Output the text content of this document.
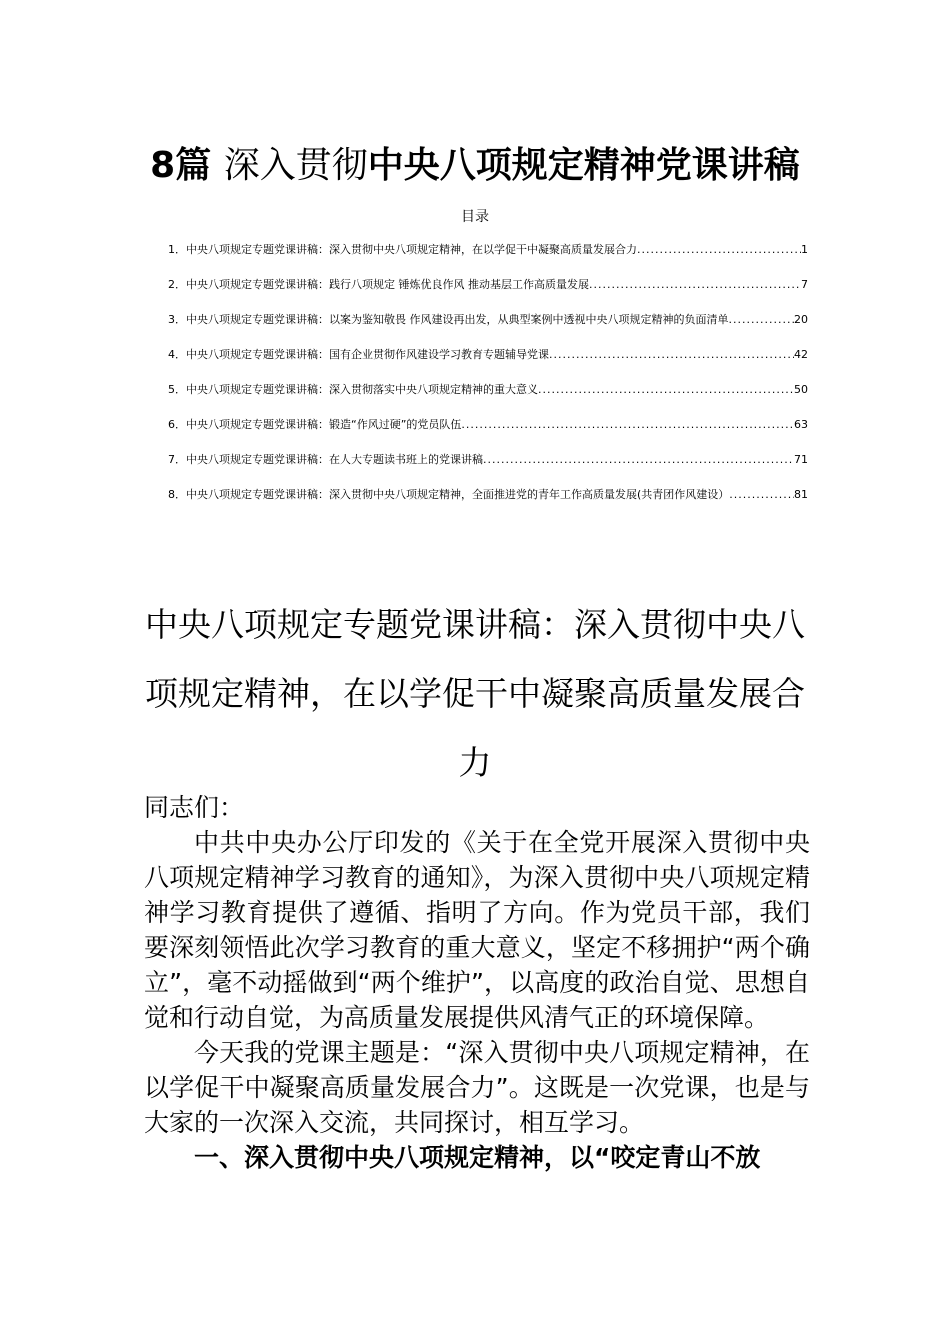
8篇 深入贯彻中央八项规定精神党课讲稿
目录
1．中央八项规定专题党课讲稿：深入贯彻中央八项规定精神，在以学促干中凝聚高质量发展合力 .....	1
2．中央八项规定专题党课讲稿：践行八项规定 锤炼优良作风 推动基层工作高质量发展 .....	7
3．中央八项规定专题党课讲稿：以案为鉴知敬畏 作风建设再出发，从典型案例中透视中央八项规定精神的负面清单 .....	20
4．中央八项规定专题党课讲稿：国有企业贯彻作风建设学习教育专题辅导党课 .....	42
5．中央八项规定专题党课讲稿：深入贯彻落实中央八项规定精神的重大意义 .....	50
6．中央八项规定专题党课讲稿：锻造“作风过硬”的党员队伍 .....	63
7．中央八项规定专题党课讲稿：在人大专题读书班上的党课讲稿 .....	71
8．中央八项规定专题党课讲稿：深入贯彻中央八项规定精神，全面推进党的青年工作高质量发展(共青团作风建设） .....	81
中央八项规定专题党课讲稿：深入贯彻中央八项规定精神，在以学促干中凝聚高质量发展合力

同志们：

中共中央办公厅印发的《关于在全党开展深入贯彻中央八项规定精神学习教育的通知》，为深入贯彻中央八项规定精神学习教育提供了遵循、指明了方向。作为党员干部，我们要深刻领悟此次学习教育的重大意义，坚定不移拥护“两个确立”，毫不动摇做到“两个维护”，以高度的政治自觉、思想自觉和行动自觉，为高质量发展提供风清气正的环境保障。

今天我的党课主题是：“深入贯彻中央八项规定精神，在以学促干中凝聚高质量发展合力”。这既是一次党课，也是与大家的一次深入交流，共同探讨，相互学习。

一、深入贯彻中央八项规定精神，以“咬定青山不放
